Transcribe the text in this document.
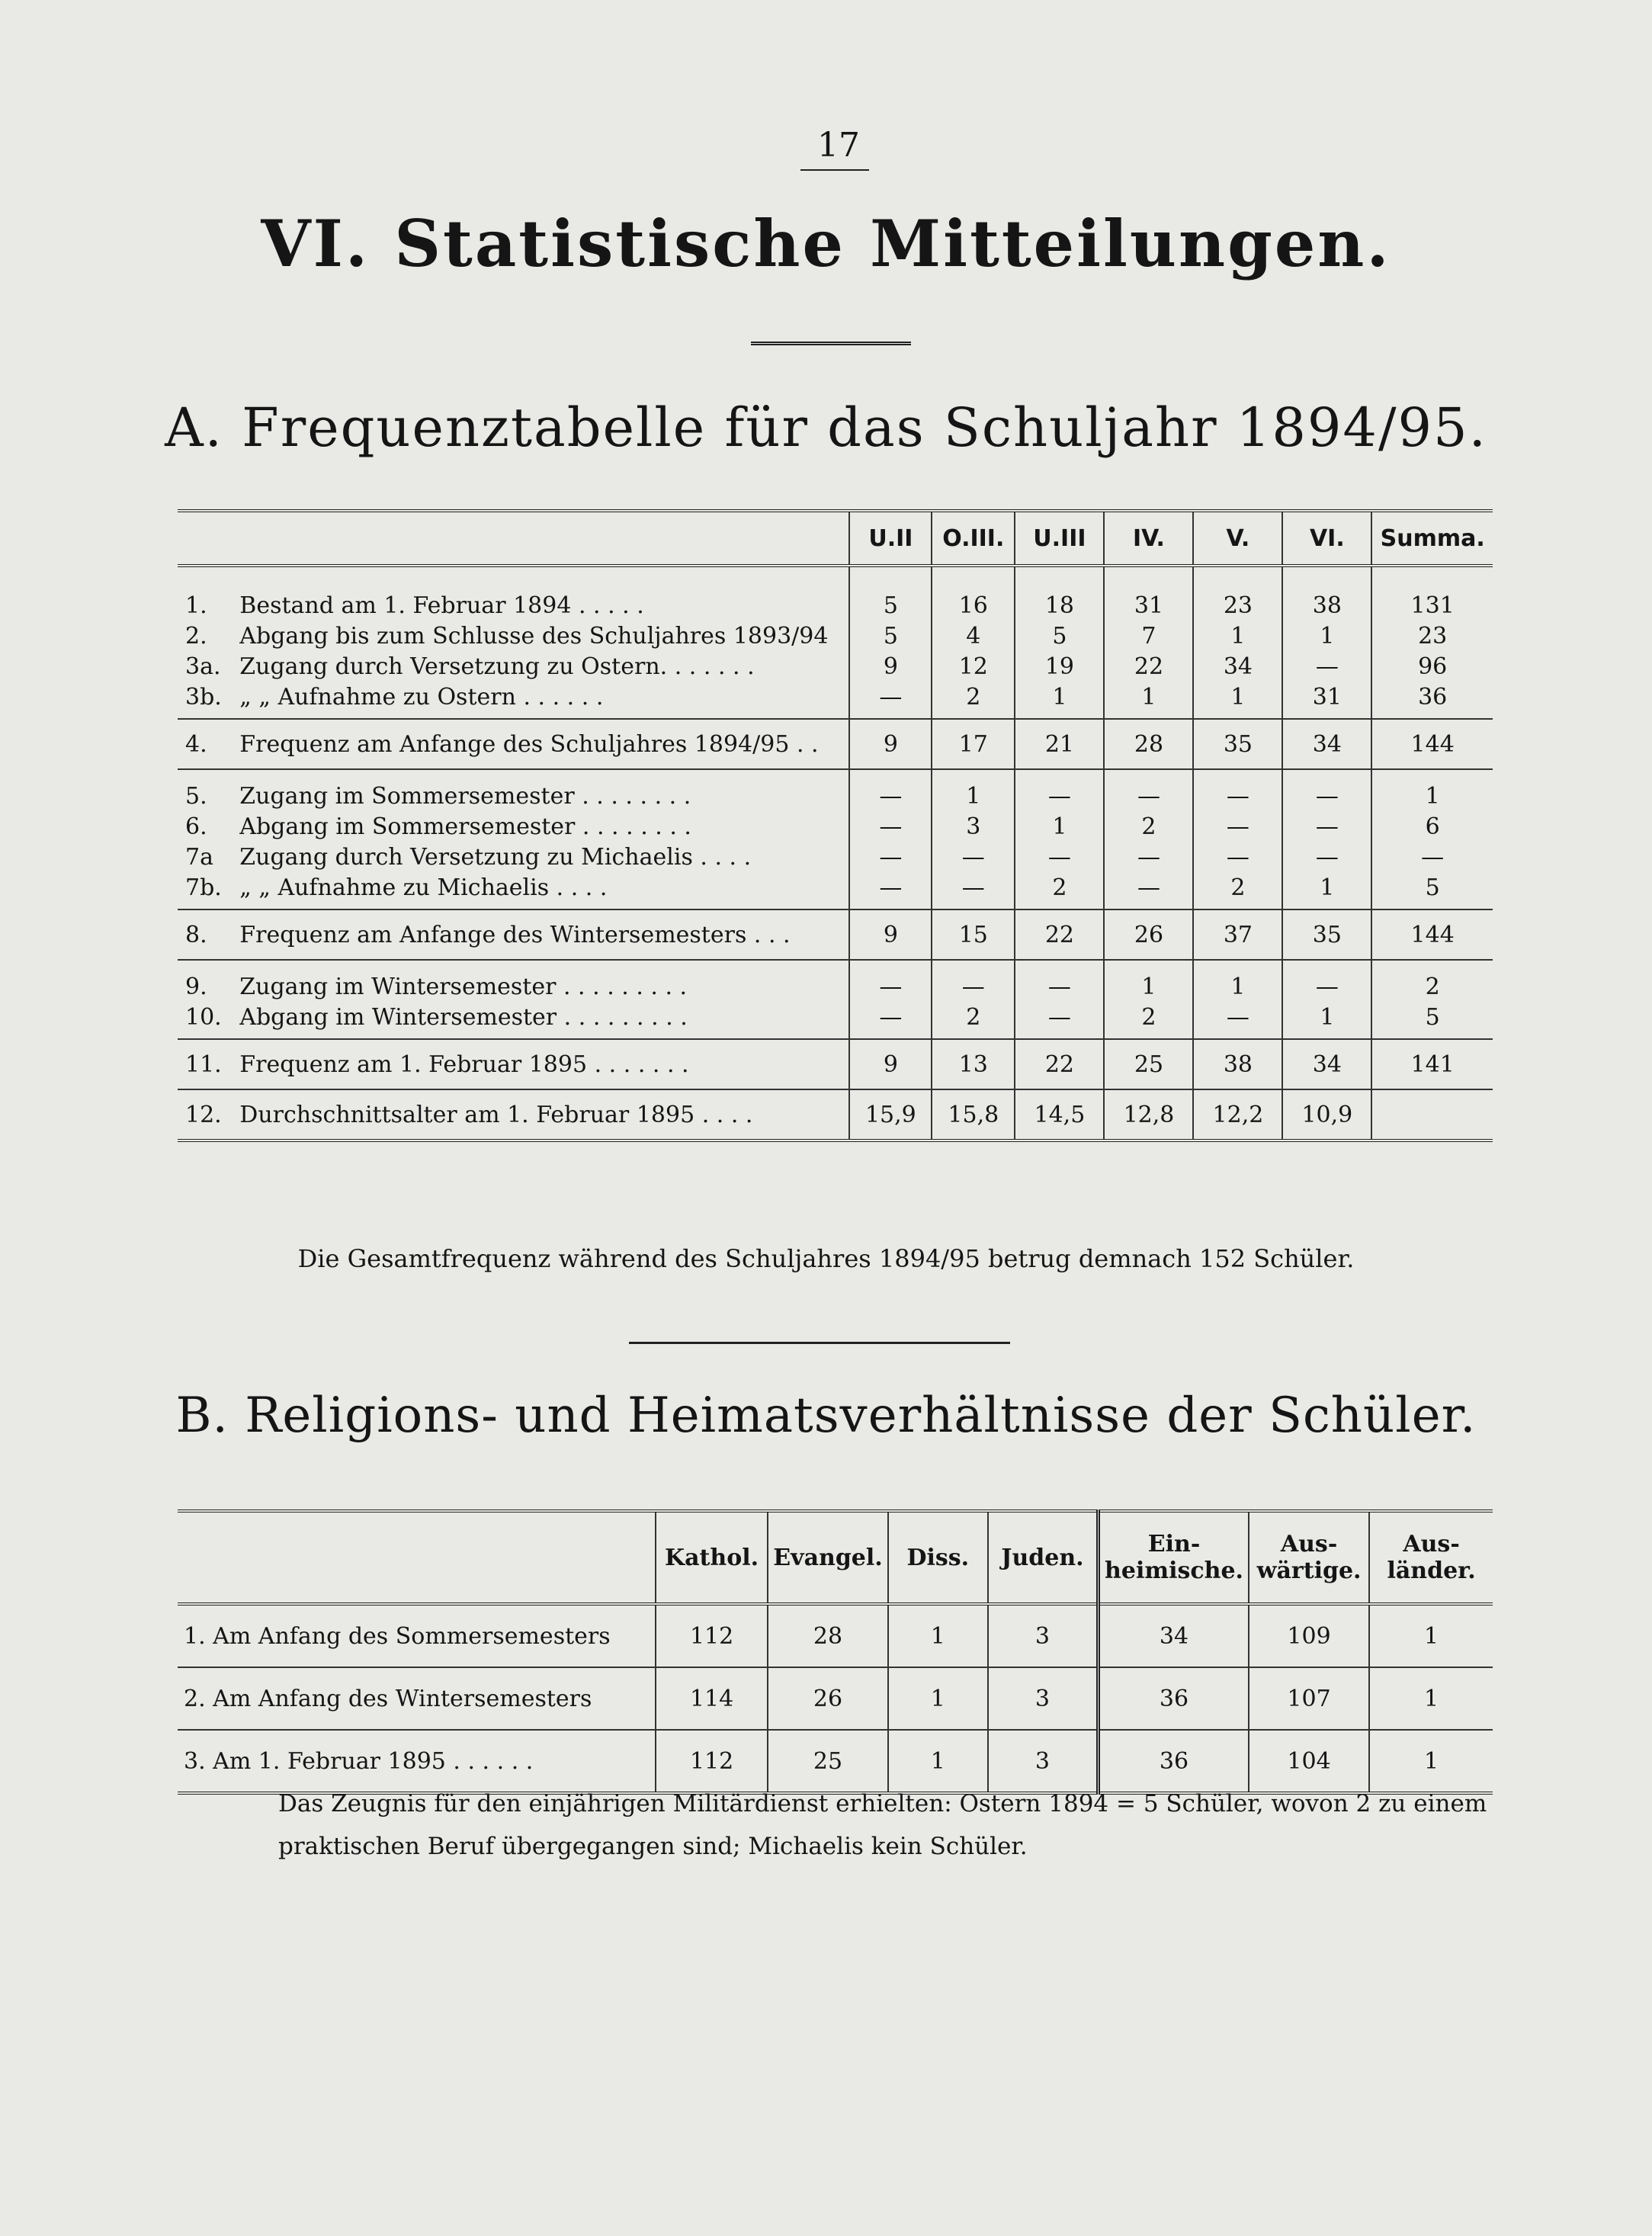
17
VI. Statistische Mitteilungen.
A. Frequenztabelle für das Schuljahr 1894/95.
		U.II	O.III.	U.III	IV.	V.	VI.	Summa.
1.	Bestand am 1. Februar 1894 . . . . .	5	16	18	31	23	38	131
2.	Abgang bis zum Schlusse des Schuljahres 1893/94	5	4	5	7	1	1	23
3a.	Zugang durch Versetzung zu Ostern. . . . . . .	9	12	19	22	34	—	96
3b.	„ „ Aufnahme zu Ostern . . . . . .	—	2	1	1	1	31	36
4.	Frequenz am Anfange des Schuljahres 1894/95 . .	9	17	21	28	35	34	144
5.	Zugang im Sommersemester . . . . . . . .	—	1	—	—	—	—	1
6.	Abgang im Sommersemester . . . . . . . .	—	3	1	2	—	—	6
7a	Zugang durch Versetzung zu Michaelis . . . .	—	—	—	—	—	—	—
7b.	„ „ Aufnahme zu Michaelis . . . .	—	—	2	—	2	1	5
8.	Frequenz am Anfange des Wintersemesters . . .	9	15	22	26	37	35	144
9.	Zugang im Wintersemester . . . . . . . . .	—	—	—	1	1	—	2
10.	Abgang im Wintersemester . . . . . . . . .	—	2	—	2	—	1	5
11.	Frequenz am 1. Februar 1895 . . . . . . .	9	13	22	25	38	34	141
12.	Durchschnittsalter am 1. Februar 1895 . . . .	15,9	15,8	14,5	12,8	12,2	10,9	
Die Gesamtfrequenz während des Schuljahres 1894/95 betrug demnach 152 Schüler.
B. Religions- und Heimatsverhältnisse der Schüler.
	Kathol.	Evangel.	Diss.	Juden.	Ein-heimische.	Aus-wärtige.	Aus-länder.
1. Am Anfang des Sommersemesters	112	28	1	3	34	109	1
2. Am Anfang des Wintersemesters	114	26	1	3	36	107	1
3. Am 1. Februar 1895 . . . . . .	112	25	1	3	36	104	1
Das Zeugnis für den einjährigen Militärdienst erhielten: Ostern 1894 = 5 Schüler, wovon 2 zu einem praktischen Beruf übergegangen sind; Michaelis kein Schüler.
